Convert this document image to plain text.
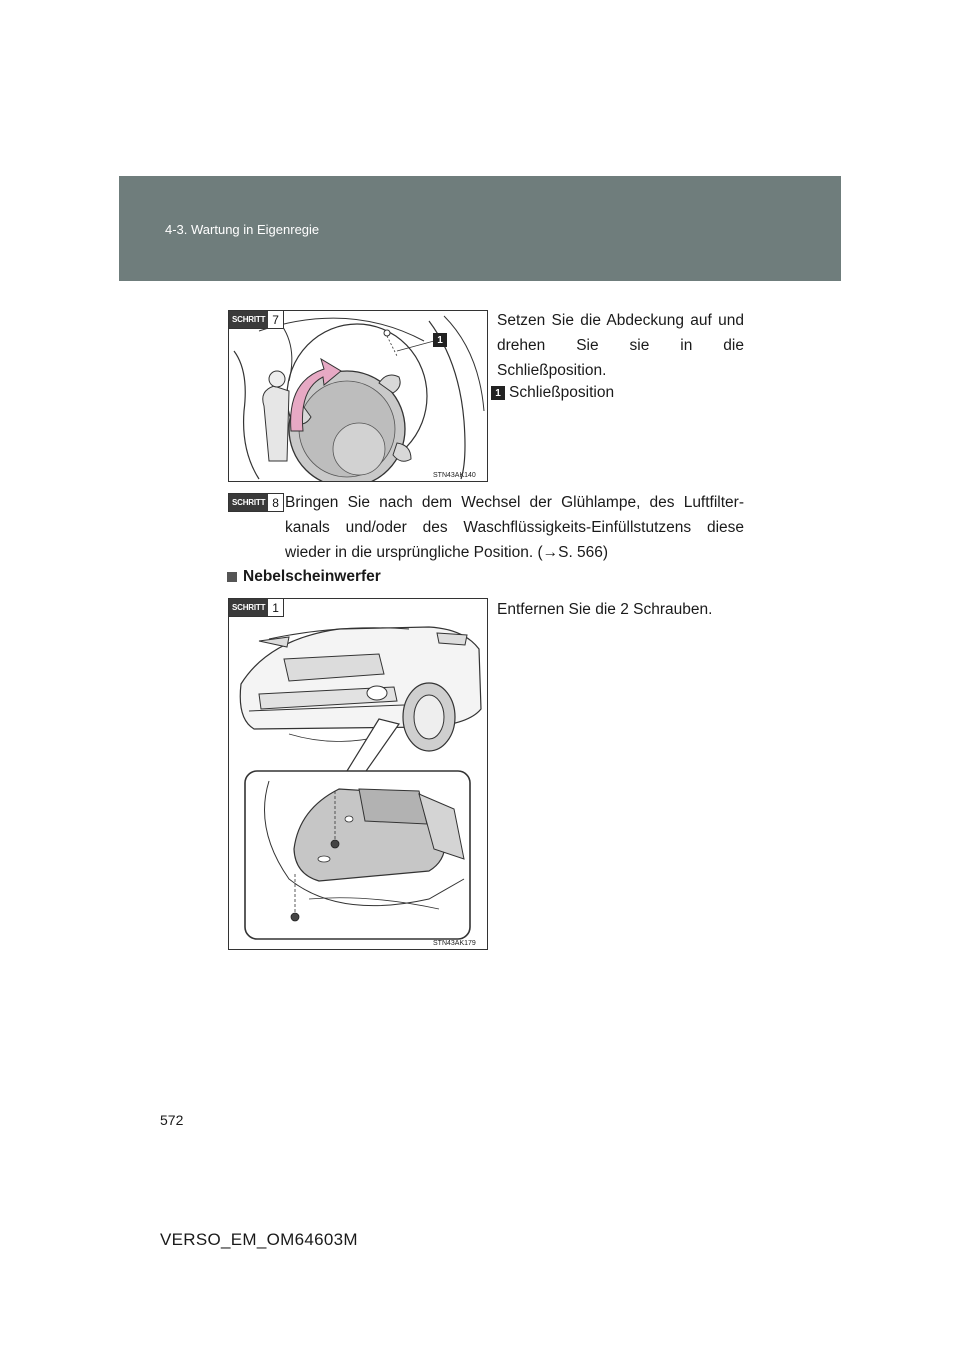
4-3. Wartung in Eigenregie
SCHRITT 7
1
STN43AK140
Setzen Sie die Abdeckung auf und drehen Sie sie in die Schließposition.
1 Schließposition
SCHRITT 8 Bringen Sie nach dem Wechsel der Glühlampe, des Luftfilter-kanals und/oder des Waschflüssigkeits-Einfüllstutzens diese wieder in die ursprüngliche Position. (→S. 566)
Nebelscheinwerfer
SCHRITT 1
STN43AK179
Entfernen Sie die 2 Schrauben.
572
VERSO_EM_OM64603M
